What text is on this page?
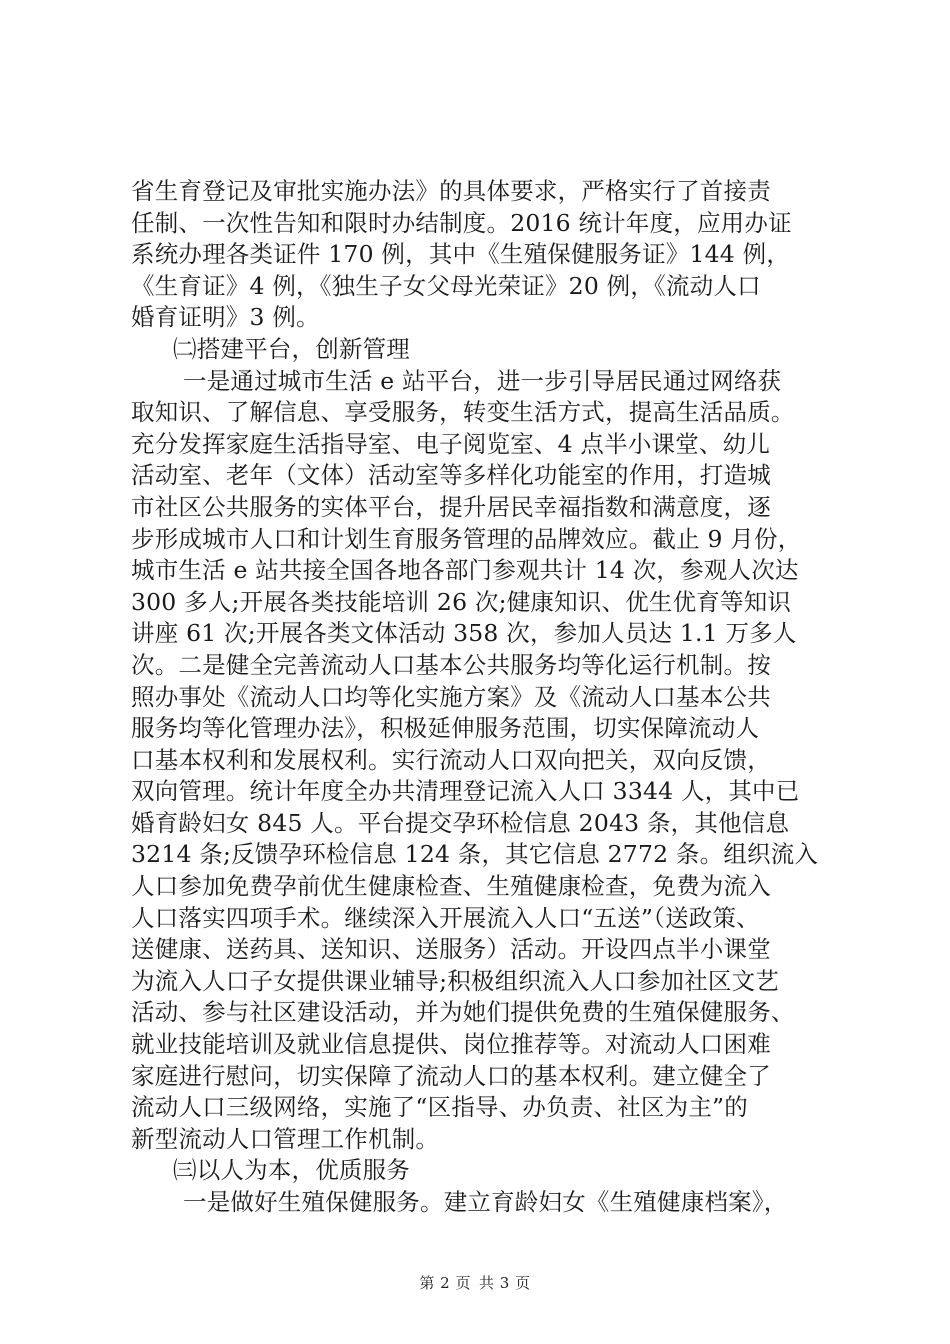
省生育登记及审批实施办法》的具体要求，严格实行了首接责
任制、一次性告知和限时办结制度。2016 统计年度，应用办证
系统办理各类证件 170 例，其中《生殖保健服务证》144 例，
《生育证》4 例，《独生子女父母光荣证》20 例，《流动人口
婚育证明》3 例。
㈡搭建平台，创新管理
一是通过城市生活 e 站平台，进一步引导居民通过网络获
取知识、了解信息、享受服务，转变生活方式，提高生活品质。
充分发挥家庭生活指导室、电子阅览室、4 点半小课堂、幼儿
活动室、老年（文体）活动室等多样化功能室的作用，打造城
市社区公共服务的实体平台，提升居民幸福指数和满意度，逐
步形成城市人口和计划生育服务管理的品牌效应。截止 9 月份，
城市生活 e 站共接全国各地各部门参观共计 14 次，参观人次达
300 多人;开展各类技能培训 26 次;健康知识、优生优育等知识
讲座 61 次;开展各类文体活动 358 次，参加人员达 1.1 万多人
次。二是健全完善流动人口基本公共服务均等化运行机制。按
照办事处《流动人口均等化实施方案》及《流动人口基本公共
服务均等化管理办法》，积极延伸服务范围，切实保障流动人
口基本权利和发展权利。实行流动人口双向把关，双向反馈，
双向管理。统计年度全办共清理登记流入人口 3344 人，其中已
婚育龄妇女 845 人。平台提交孕环检信息 2043 条，其他信息
3214 条;反馈孕环检信息 124 条，其它信息 2772 条。组织流入
人口参加免费孕前优生健康检查、生殖健康检查，免费为流入
人口落实四项手术。继续深入开展流入人口“五送”（送政策、
送健康、送药具、送知识、送服务）活动。开设四点半小课堂
为流入人口子女提供课业辅导;积极组织流入人口参加社区文艺
活动、参与社区建设活动，并为她们提供免费的生殖保健服务、
就业技能培训及就业信息提供、岗位推荐等。对流动人口困难
家庭进行慰问，切实保障了流动人口的基本权利。建立健全了
流动人口三级网络，实施了“区指导、办负责、社区为主”的
新型流动人口管理工作机制。
㈢以人为本，优质服务
一是做好生殖保健服务。建立育龄妇女《生殖健康档案》，
第 2 页 共 3 页
